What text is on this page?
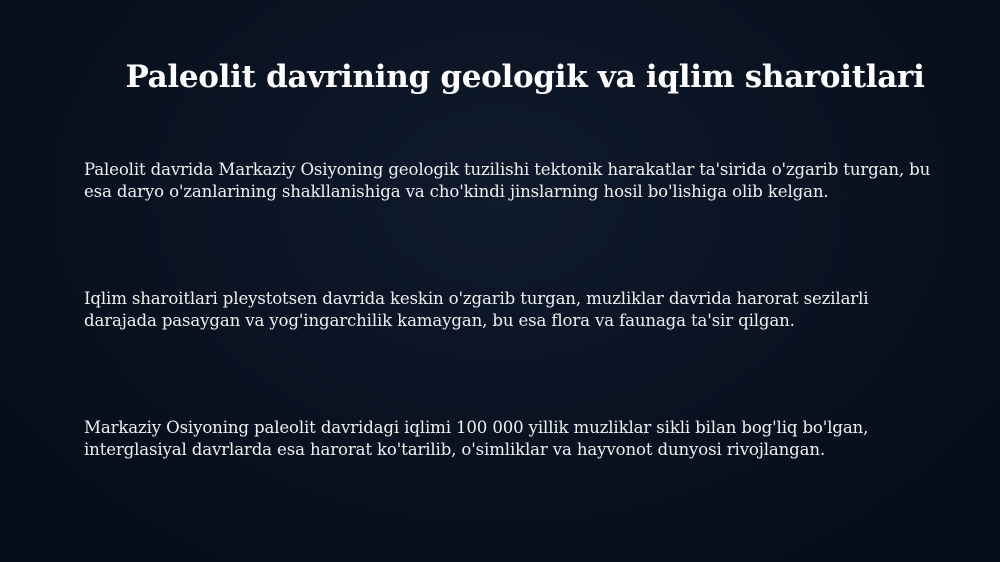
Paleolit davrining geologik va iqlim sharoitlari

Paleolit davrida Markaziy Osiyoning geologik tuzilishi tektonik harakatlar ta'sirida o'zgarib turgan, bu esa daryo o'zanlarining shakllanishiga va cho'kindi jinslarning hosil bo'lishiga olib kelgan.

Iqlim sharoitlari pleystotsen davrida keskin o'zgarib turgan, muzliklar davrida harorat sezilarli darajada pasaygan va yog'ingarchilik kamaygan, bu esa flora va faunaga ta'sir qilgan.

Markaziy Osiyoning paleolit davridagi iqlimi 100 000 yillik muzliklar sikli bilan bog'liq bo'lgan, interglasiyal davrlarda esa harorat ko'tarilib, o'simliklar va hayvonot dunyosi rivojlangan.
